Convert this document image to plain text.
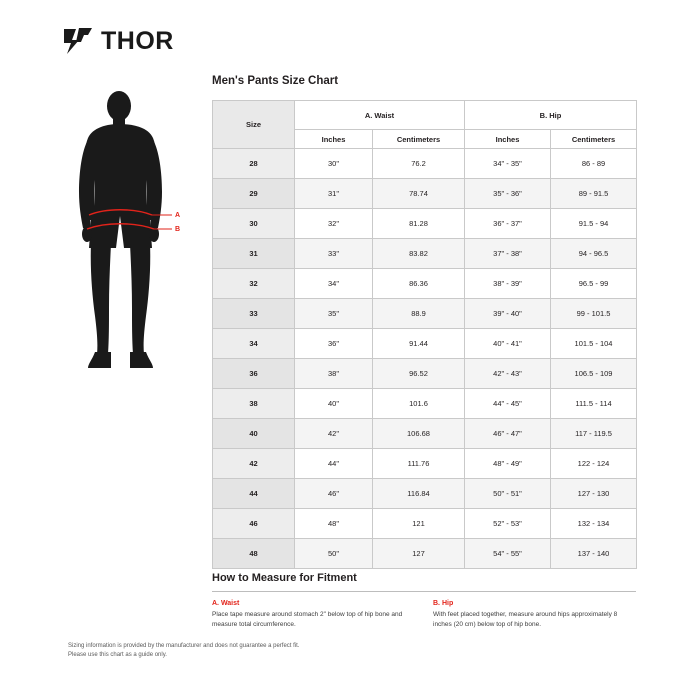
THOR
A
B
Men's Pants Size Chart
Size	A. Waist		B. Hip	
	Inches	Centimeters	Inches	Centimeters
28	30"	76.2	34" - 35"	86 - 89
29	31"	78.74	35" - 36"	89 - 91.5
30	32"	81.28	36" - 37"	91.5 - 94
31	33"	83.82	37" - 38"	94 - 96.5
32	34"	86.36	38" - 39"	96.5 - 99
33	35"	88.9	39" - 40"	99 - 101.5
34	36"	91.44	40" - 41"	101.5 - 104
36	38"	96.52	42" - 43"	106.5 - 109
38	40"	101.6	44" - 45"	111.5 - 114
40	42"	106.68	46" - 47"	117 - 119.5
42	44"	111.76	48" - 49"	122 - 124
44	46"	116.84	50" - 51"	127 - 130
46	48"	121	52" - 53"	132 - 134
48	50"	127	54" - 55"	137 - 140
How to Measure for Fitment
A. Waist
Place tape measure around stomach 2" below top of hip bone and measure total circumference.
B. Hip
With feet placed together, measure around hips approximately 8 inches (20 cm) below top of hip bone.
Sizing information is provided by the manufacturer and does not guarantee a perfect fit.
Please use this chart as a guide only.
